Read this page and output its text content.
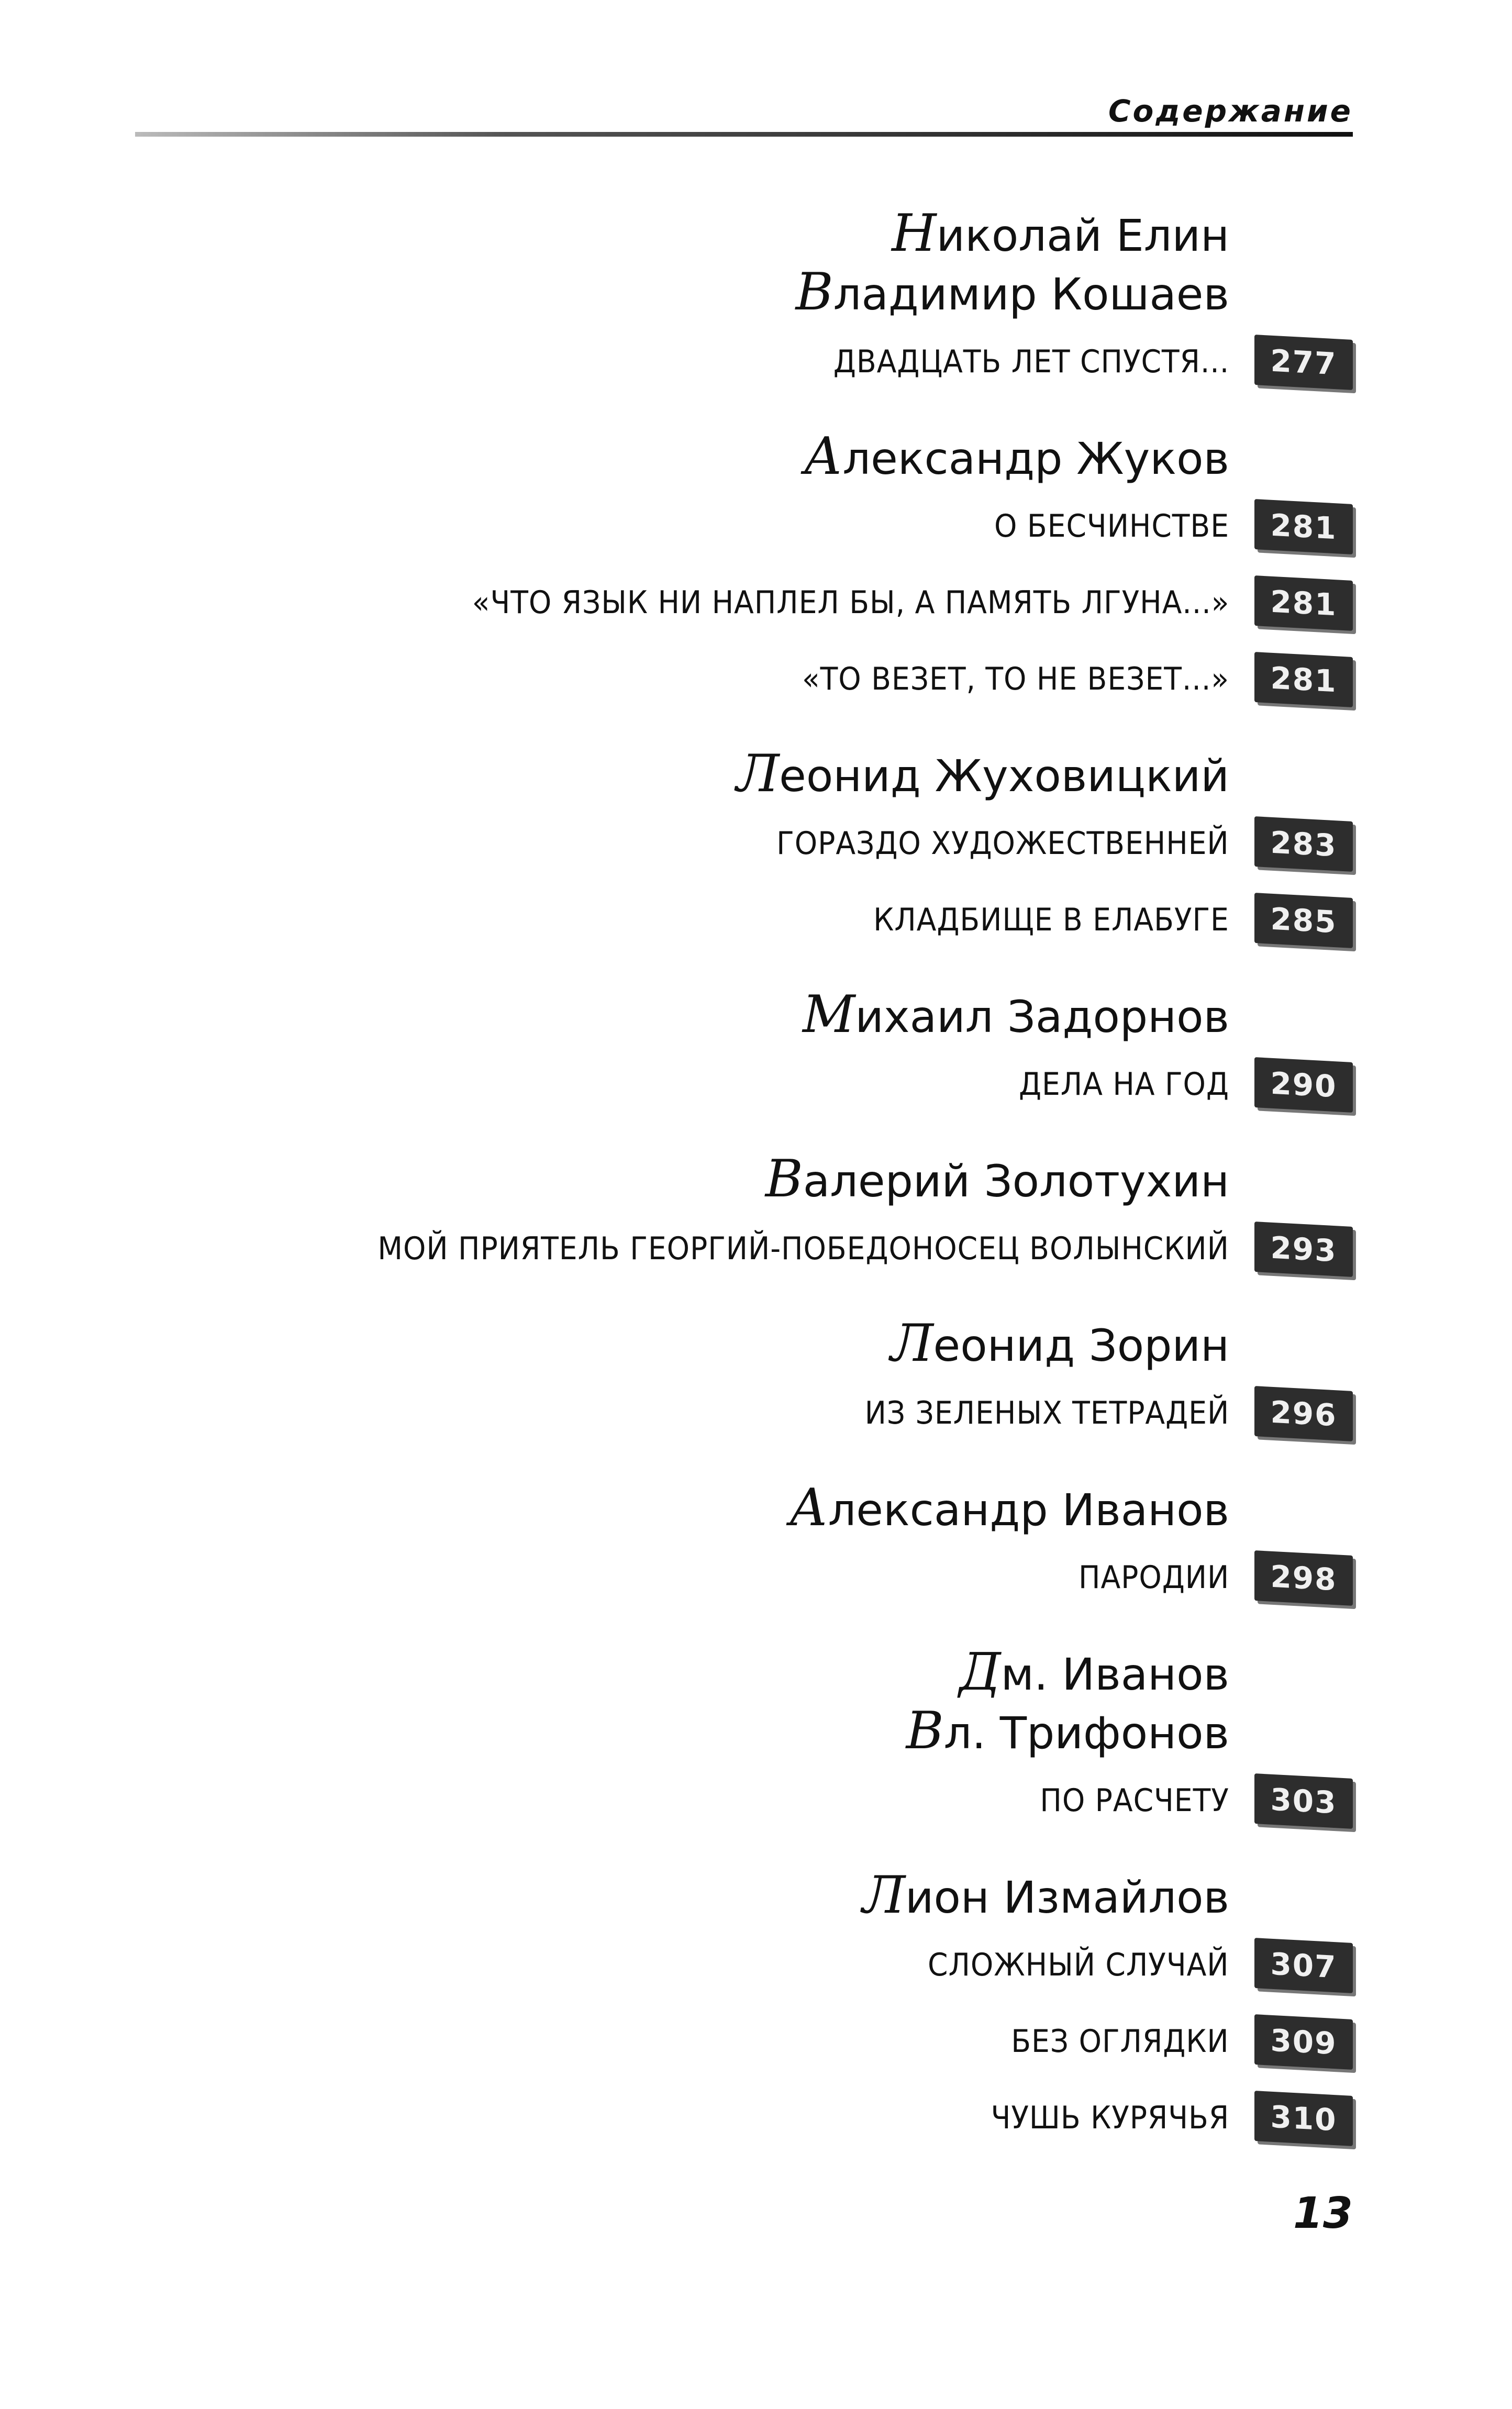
Содержание
Николай Елин
Владимир Кошаев
ДВАДЦАТЬ ЛЕТ СПУСТЯ...	277
Александр Жуков
О БЕСЧИНСТВЕ	281
«ЧТО ЯЗЫК НИ НАПЛЕЛ БЫ, А ПАМЯТЬ ЛГУНА...»	281
«ТО ВЕЗЕТ, ТО НЕ ВЕЗЕТ...»	281
Леонид Жуховицкий
ГОРАЗДО ХУДОЖЕСТВЕННЕЙ	283
КЛАДБИЩЕ В ЕЛАБУГЕ	285
Михаил Задорнов
ДЕЛА НА ГОД	290
Валерий Золотухин
МОЙ ПРИЯТЕЛЬ ГЕОРГИЙ-ПОБЕДОНОСЕЦ ВОЛЫНСКИЙ	293
Леонид Зорин
ИЗ ЗЕЛЕНЫХ ТЕТРАДЕЙ	296
Александр Иванов
ПАРОДИИ	298
Дм. Иванов
Вл. Трифонов
ПО РАСЧЕТУ	303
Лион Измайлов
СЛОЖНЫЙ СЛУЧАЙ	307
БЕЗ ОГЛЯДКИ	309
ЧУШЬ КУРЯЧЬЯ	310
13
